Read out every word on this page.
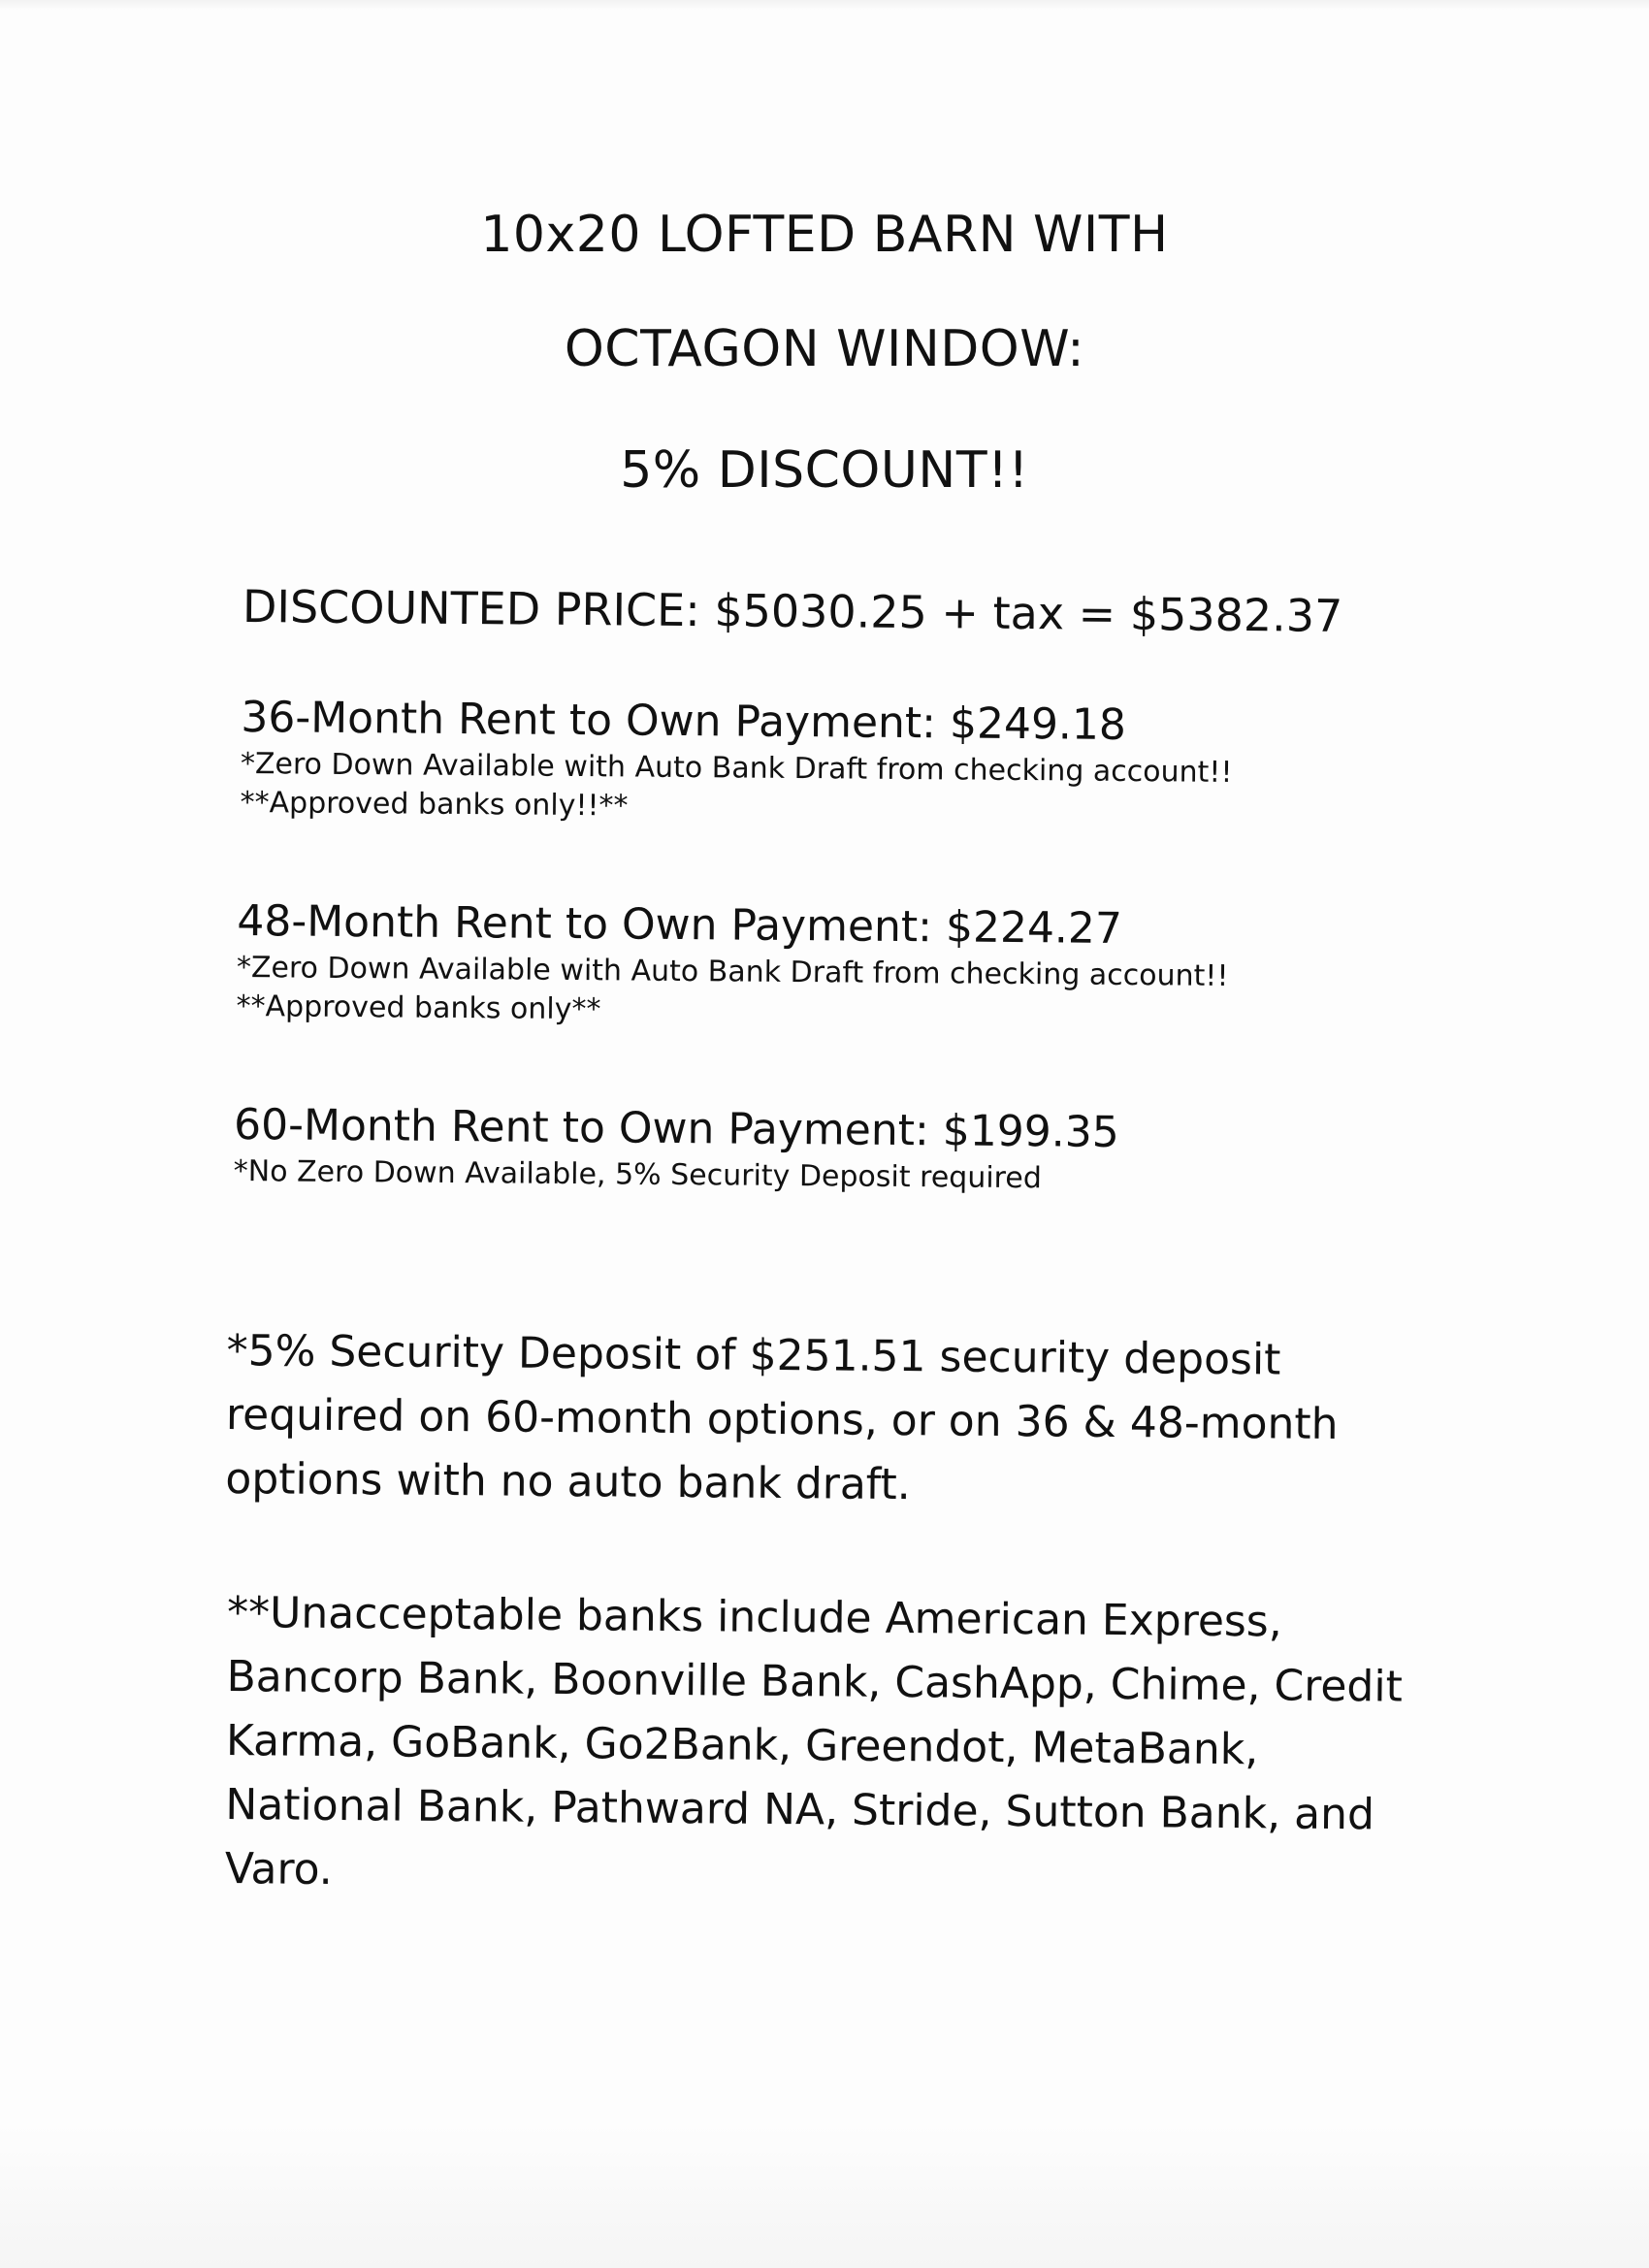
10x20 LOFTED BARN WITH
OCTAGON WINDOW:
5% DISCOUNT!!
DISCOUNTED PRICE: $5030.25 + tax = $5382.37
36-Month Rent to Own Payment: $249.18
*Zero Down Available with Auto Bank Draft from checking account!!
**Approved banks only!!**
48-Month Rent to Own Payment: $224.27
*Zero Down Available with Auto Bank Draft from checking account!!
**Approved banks only**
60-Month Rent to Own Payment: $199.35
*No Zero Down Available, 5% Security Deposit required
*5% Security Deposit of $251.51 security deposit required on 60-month options, or on 36 & 48-month options with no auto bank draft.
**Unacceptable banks include American Express, Bancorp Bank, Boonville Bank, CashApp, Chime, Credit Karma, GoBank, Go2Bank, Greendot, MetaBank, National Bank, Pathward NA, Stride, Sutton Bank, and Varo.
